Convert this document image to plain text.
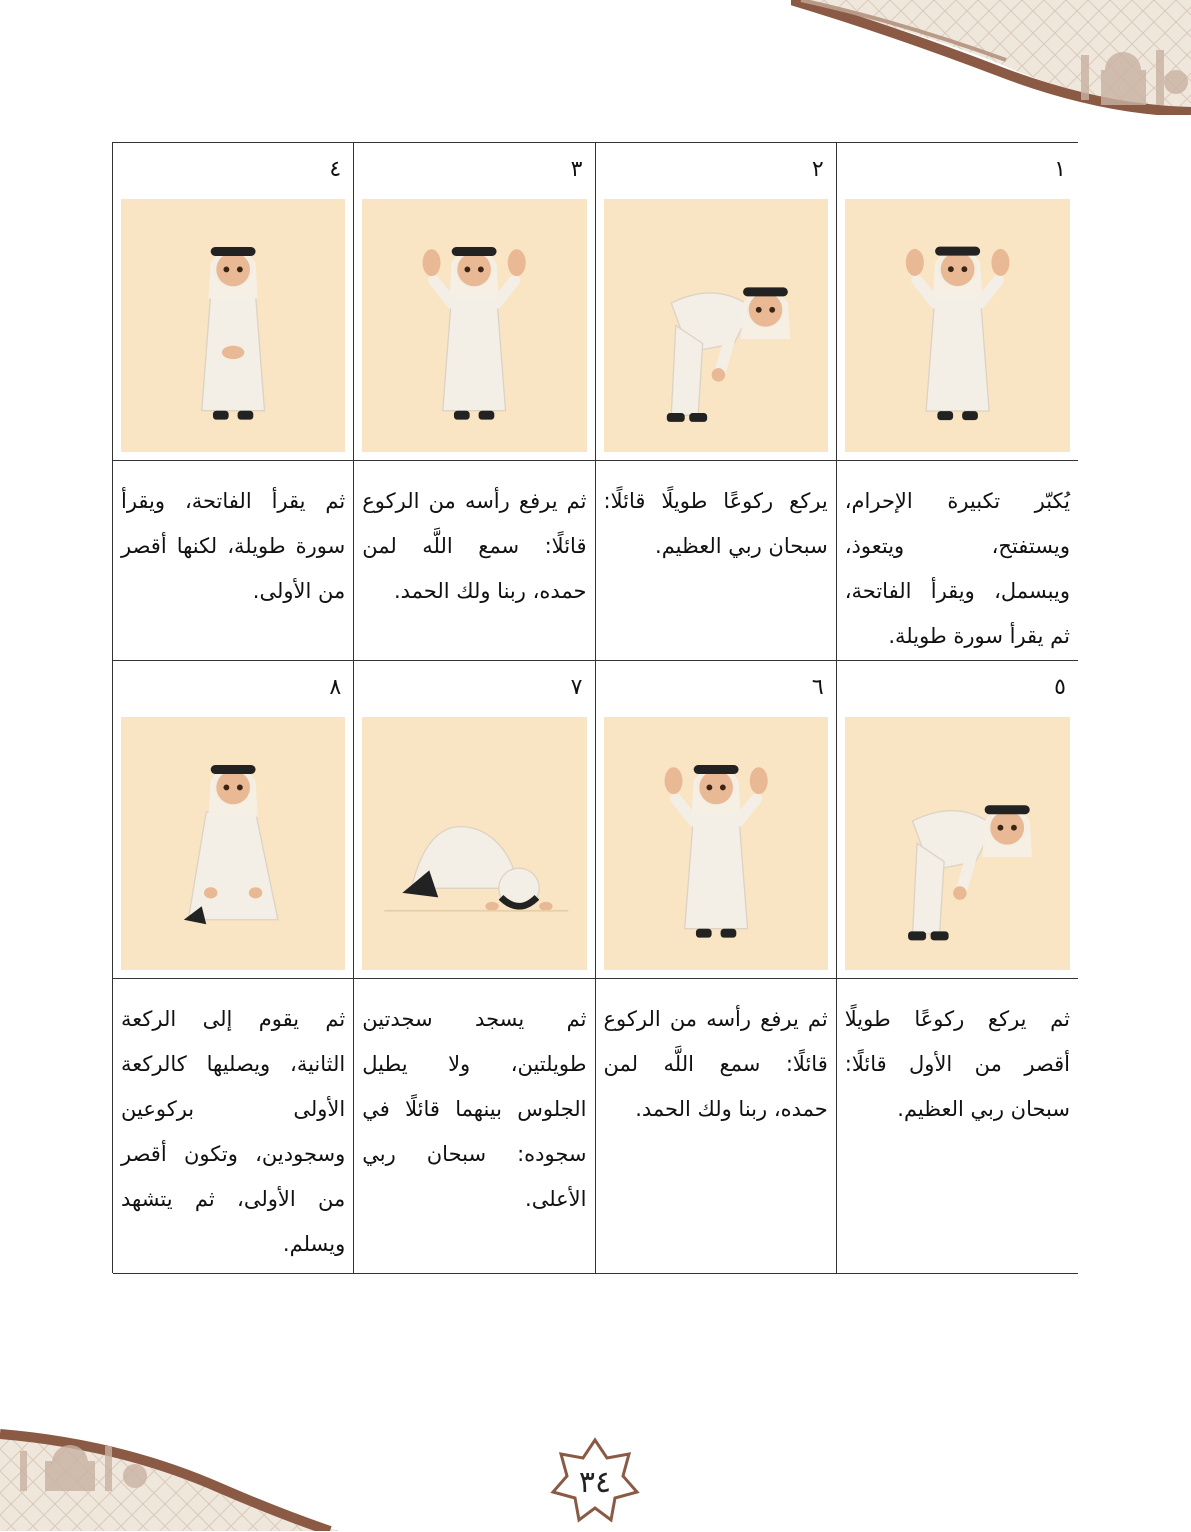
١
٢
٣
٤
يُكبّر تكبيرة الإحرام، ويستفتح، ويتعوذ، ويبسمل، ويقرأ الفاتحة، ثم يقرأ سورة طويلة.
يركع ركوعًا طويلًا قائلًا: سبحان ربي العظيم.
ثم يرفع رأسه من الركوع قائلًا: سمع اللَّه لمن حمده، ربنا ولك الحمد.
ثم يقرأ الفاتحة، ويقرأ سورة طويلة، لكنها أقصر من الأولى.
٥
٦
٧
٨
ثم يركع ركوعًا طويلًا أقصر من الأول قائلًا: سبحان ربي العظيم.
ثم يرفع رأسه من الركوع قائلًا: سمع اللَّه لمن حمده، ربنا ولك الحمد.
ثم يسجد سجدتين طويلتين، ولا يطيل الجلوس بينهما قائلًا في سجوده: سبحان ربي الأعلى.
ثم يقوم إلى الركعة الثانية، ويصليها كالركعة الأولى بركوعين وسجودين، وتكون أقصر من الأولى، ثم يتشهد ويسلم.
٣٤
